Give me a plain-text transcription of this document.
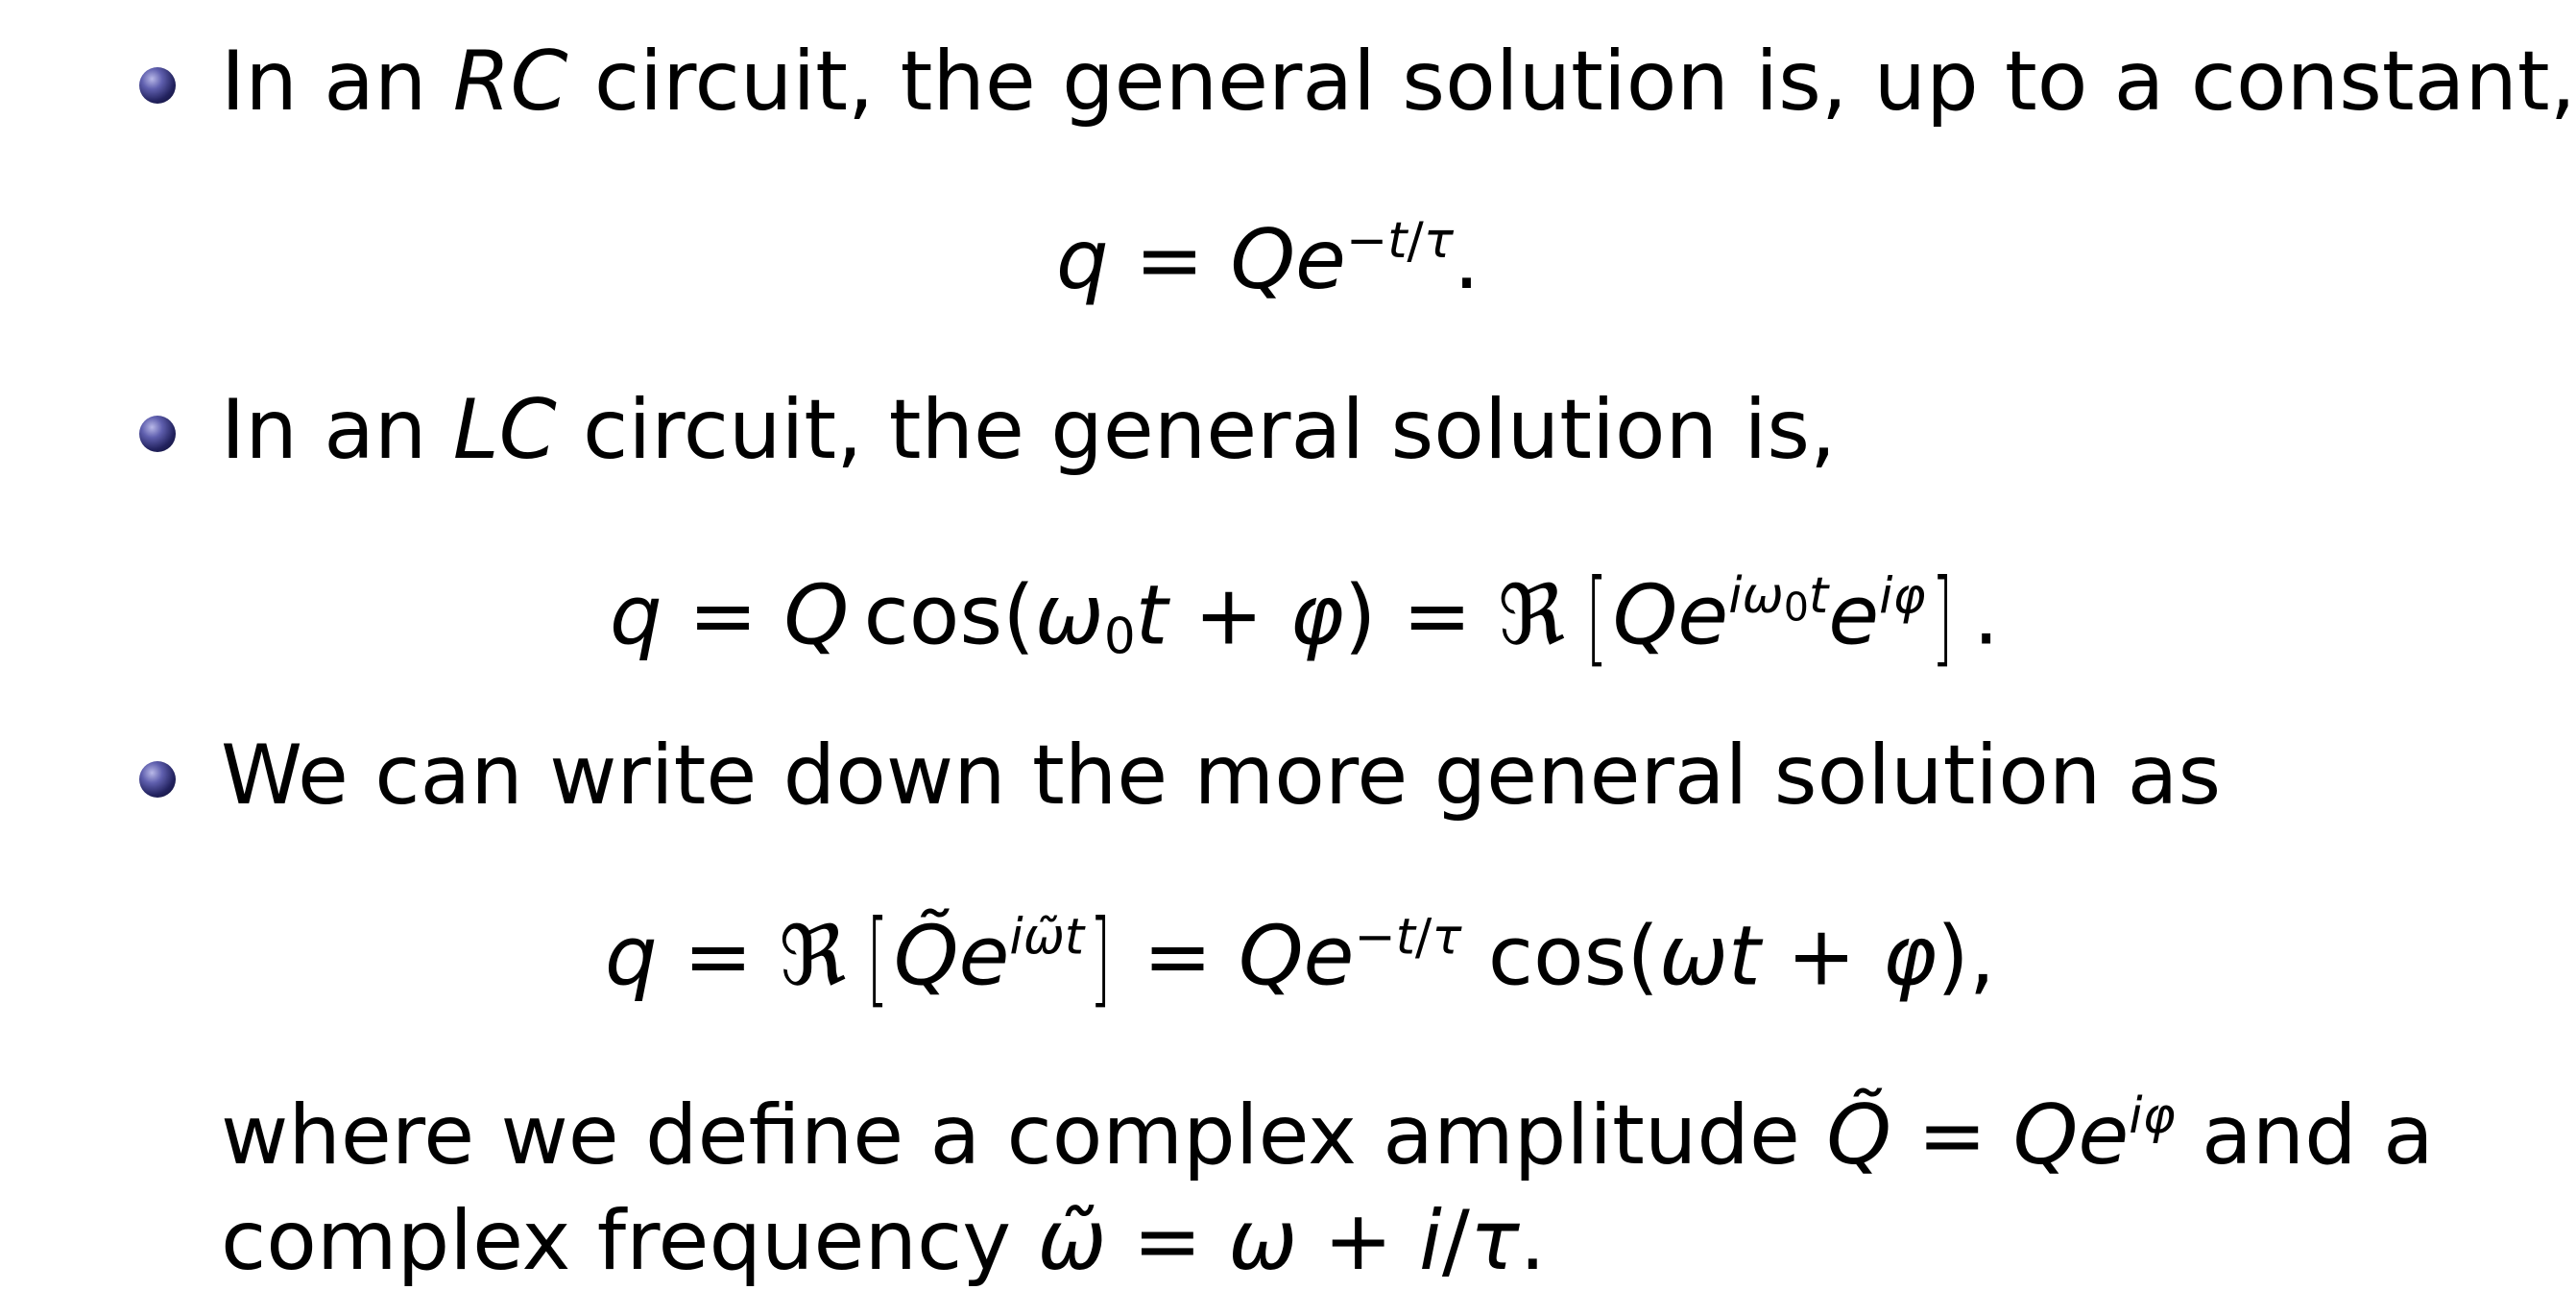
In an RC circuit, the general solution is, up to a constant,
$q = Qe^{-t/\tau}$.
In an LC circuit, the general solution is,
q = Q $\cos(\omega_0t + \varphi)$ = ℜ $[Qe^{i\omega_0t}e^{i\varphi}]$ .
We can write down the more general solution as
q = ℜ $[Q̃e^{i\omegãt}] = Qe^{-t/\tau}$ cos(ωt + φ),
where we define a complex amplitude Q̃ = $Qe^{i\varphi}$ and a
complex frequency ω̃ = ω + i/τ.
